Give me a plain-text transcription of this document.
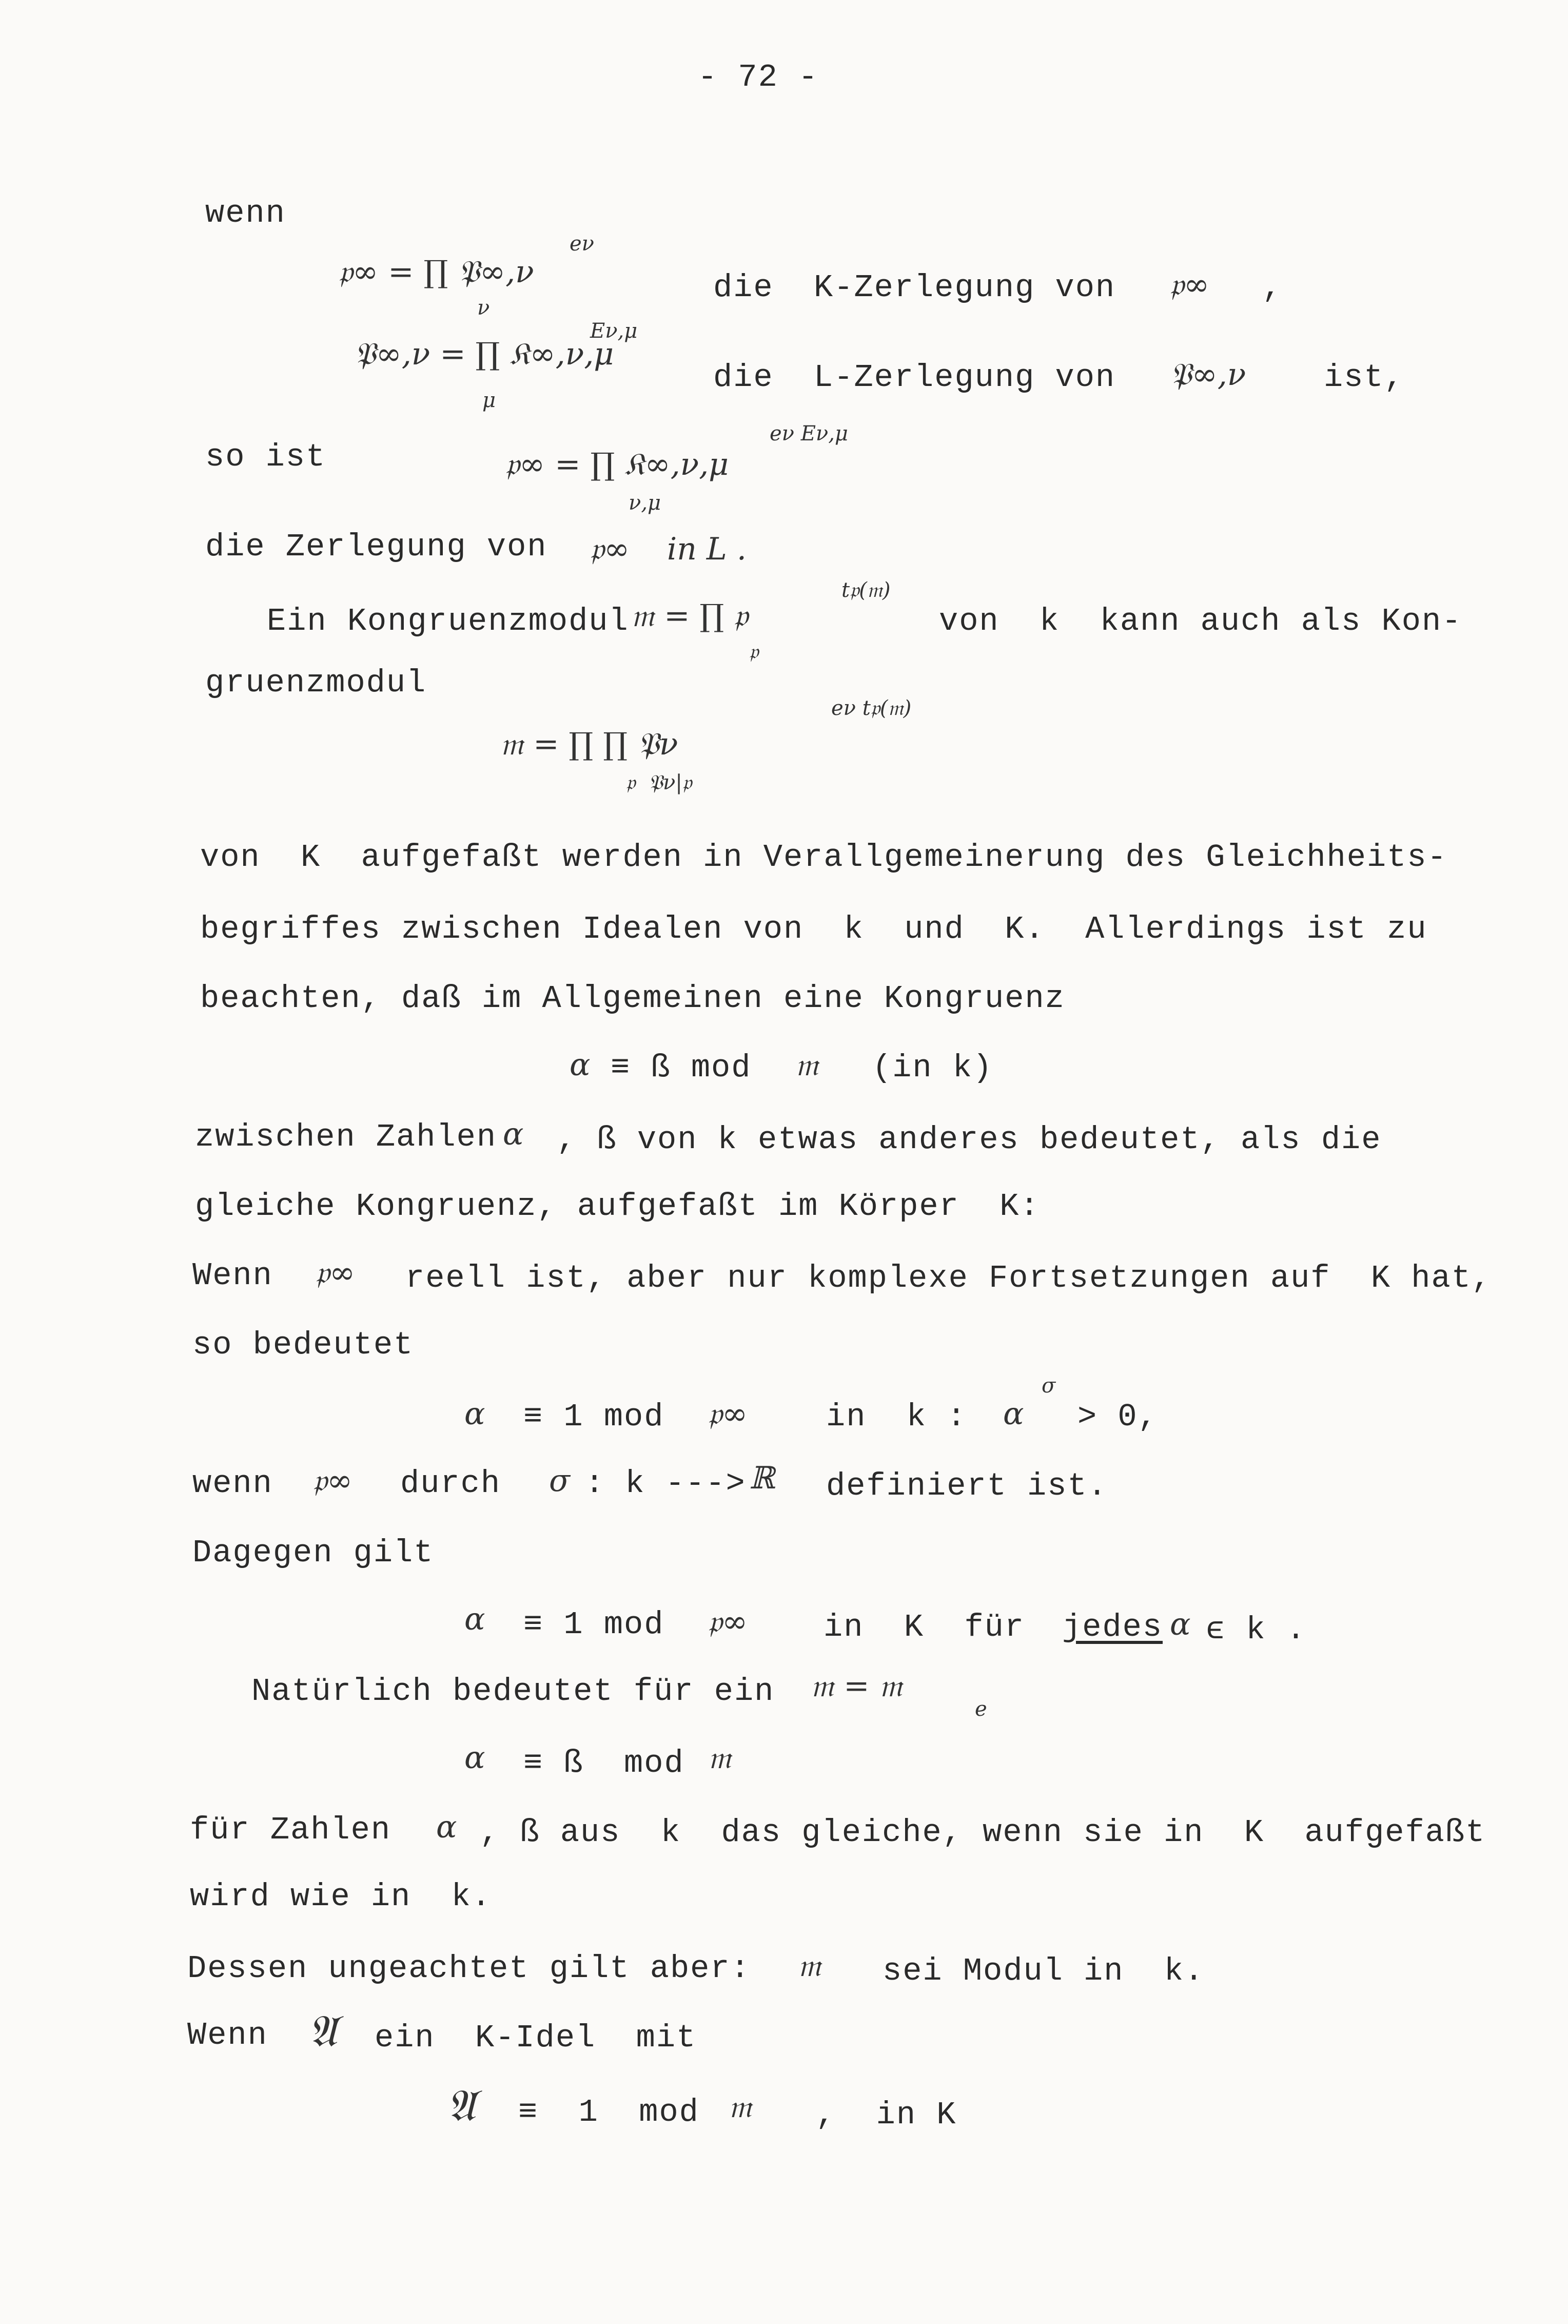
- 72 -
wenn
𝔭∞ = ∏ 𝔓∞,ν
eν
ν
die  K-Zerlegung von 𝔭∞ ,
𝔓∞,ν = ∏ 𝔎∞,ν,μ
Eν,μ
μ
die  L-Zerlegung von 𝔓∞,ν ist,
so ist	𝔭∞ = ∏ 𝔎∞,ν,μ
eν Eν,μ
ν,μ
die Zerlegung von 𝔭∞ in L .
Ein Kongruenzmodul 𝔪 = ∏ 𝔭
t𝔭(𝔪)
𝔭
von  k  kann auch als Kon-
gruenzmodul
𝔪 = ∏ ∏ 𝔓ν
eν t𝔭(𝔪)
𝔭  𝔓ν|𝔭
von  K  aufgefaßt werden in Verallgemeinerung des Gleichheits-
begriffes zwischen Idealen von  k  und  K.  Allerdings ist zu
beachten, daß im Allgemeinen eine Kongruenz
α ≡ ß mod 𝔪 (in k)
zwischen Zahlen α , ß von k etwas anderes bedeutet, als die
gleiche Kongruenz, aufgefaßt im Körper  K:
Wenn 𝔭∞ reell ist, aber nur komplexe Fortsetzungen auf  K hat,
so bedeutet
α ≡ 1 mod 𝔭∞ in  k : α
σ
> 0,
wenn 𝔭∞ durch σ : k ---> ℝ definiert ist.
Dagegen gilt
α ≡ 1 mod 𝔭∞ in  K  für jedes α ϵ k .
Natürlich bedeutet für ein 𝔪 = 𝔪
e
α ≡ ß  mod 𝔪
für Zahlen α , ß aus  k  das gleiche, wenn sie in  K  aufgefaßt
wird wie in  k.
Dessen ungeachtet gilt aber: 𝔪 sei Modul in  k.
Wenn 𝔄 ein  K-Idel  mit
𝔄 ≡  1  mod 𝔪 ,  in K
